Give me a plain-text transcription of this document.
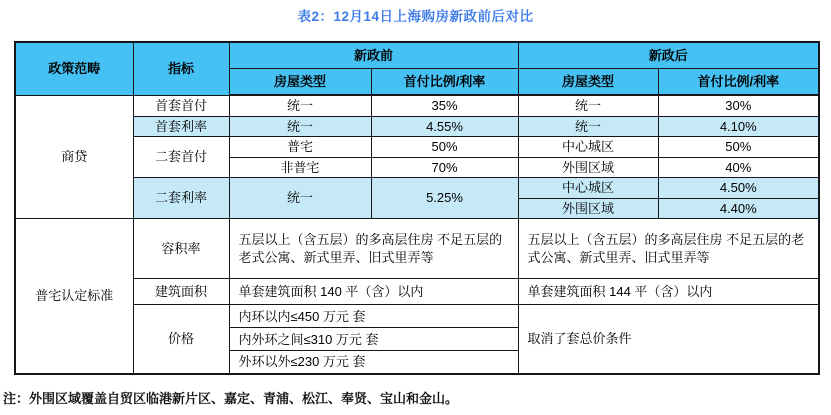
表2：12月14日上海购房新政前后对比
政策范畴	指标	新政前		新政后	
		房屋类型	首付比例/利率	房屋类型	首付比例/利率
商贷	首套首付	统一	35%	统一	30%
	首套利率	统一	4.55%	统一	4.10%
	二套首付	普宅	50%	中心城区	50%
		非普宅	70%	外围区域	40%
	二套利率	统一	5.25%	中心城区	4.50%
				外围区域	4.40%
普宅认定标准	容积率	五层以上（含五层）的多高层住房 不足五层的老式公寓、新式里弄、旧式里弄等		五层以上（含五层）的多高层住房 不足五层的老式公寓、新式里弄、旧式里弄等	
	建筑面积	单套建筑面积 140 平（含）以内		单套建筑面积 144 平（含）以内	
	价格	内环以内≤450 万元 套		取消了套总价条件	
		内外环之间≤310 万元 套			
		外环以外≤230 万元 套			
注：外围区域覆盖自贸区临港新片区、嘉定、青浦、松江、奉贤、宝山和金山。
